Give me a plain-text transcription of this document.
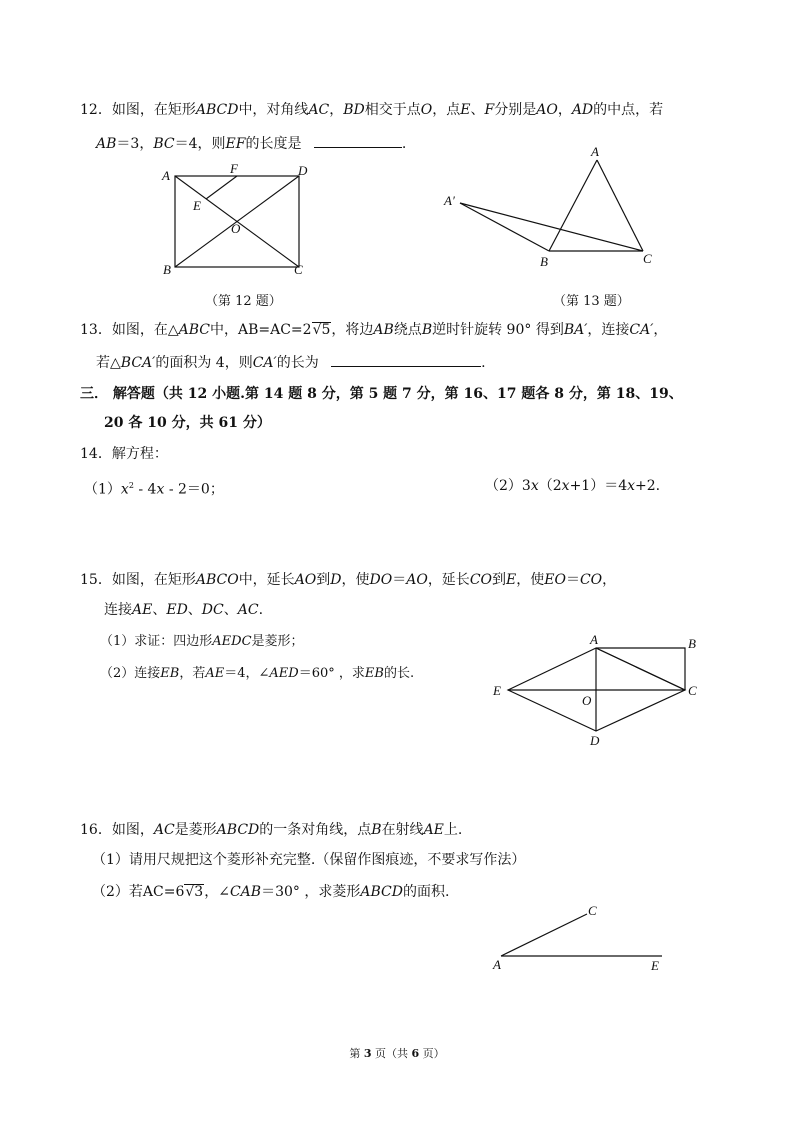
12．如图，在矩形ABCD中，对角线AC，BD相交于点O，点E、F分别是AO，AD的中点，若
AB＝3，BC＝4，则EF的长度是	.
A
B	C
D
E
F
O
（第 12 题）
A
A′
B	C
（第 13 题）
13．如图，在△ABC中，AB=AC=2√5，将边AB绕点B逆时针旋转 90° 得到BA′，连接CA′，
若△BCA′的面积为 4，则CA′的长为	.
三． 解答题（共 12 小题.第 14 题 8 分，第 5 题 7 分，第 16、17 题各 8 分，第 18、19、
20 各 10 分，共 61 分）
14．解方程：
$(1)x^2 - 4x - 2=0$；	（2）3x（2x+1）＝4x+2.
15．如图，在矩形ABCO中，延长AO到D，使DO＝AO，延长CO到E，使EO＝CO，
连接AE、ED、DC、AC.
（1）求证：四边形AEDC是菱形；
（2）连接EB，若AE＝4，∠AED＝60° ，求EB的长.
A	B
C
D
E
O
16．如图，AC是菱形ABCD的一条对角线，点B在射线AE上.
（1）请用尺规把这个菱形补充完整.（保留作图痕迹，不要求写作法）
（2）若AC=6√3，∠CAB＝30° ，求菱形ABCD的面积.
A
C
E
第 3 页（共 6 页）
